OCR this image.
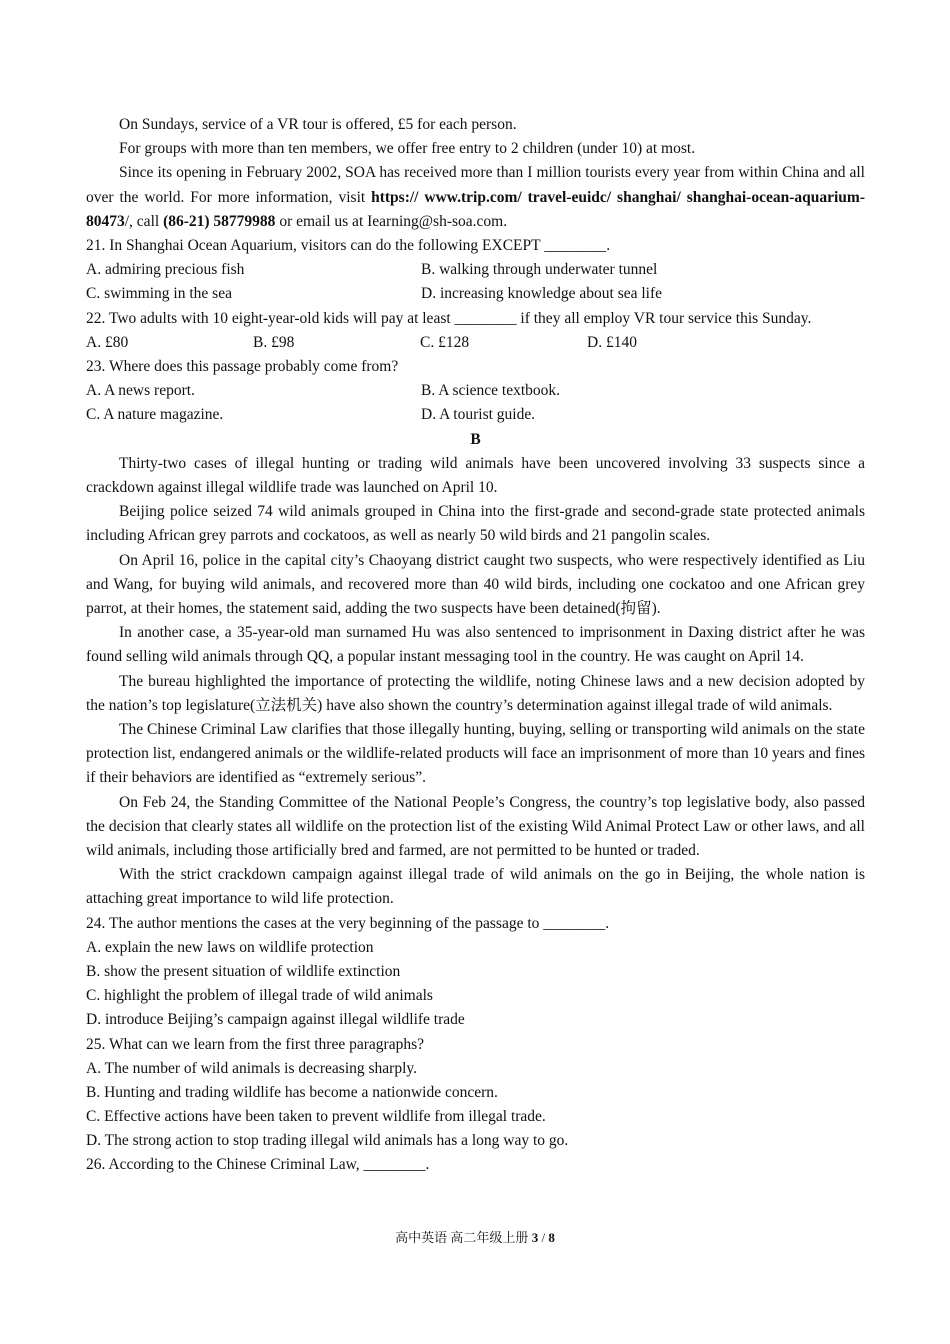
On Sundays, service of a VR tour is offered, £5 for each person.

For groups with more than ten members, we offer free entry to 2 children (under 10) at most.

Since its opening in February 2002, SOA has received more than I million tourists every year from within China and all over the world. For more information, visit https:// www.trip.com/ travel-euidc/ shanghai/ shanghai-ocean-aquarium-80473/, call (86-21) 58779988 or email us at Iearning@sh-soa.com.

21. In Shanghai Ocean Aquarium, visitors can do the following EXCEPT ________.
A. admiring precious fish	B. walking through underwater tunnel
C. swimming in the sea	D. increasing knowledge about sea life
22. Two adults with 10 eight-year-old kids will pay at least ________ if they all employ VR tour service this Sunday.
A. £80	B. £98	C. £128	D. £140
23. Where does this passage probably come from?
A. A news report.	B. A science textbook.
C. A nature magazine.	D. A tourist guide.
B

Thirty-two cases of illegal hunting or trading wild animals have been uncovered involving 33 suspects since a crackdown against illegal wildlife trade was launched on April 10.

Beijing police seized 74 wild animals grouped in China into the first-grade and second-grade state protected animals including African grey parrots and cockatoos, as well as nearly 50 wild birds and 21 pangolin scales.

On April 16, police in the capital city’s Chaoyang district caught two suspects, who were respectively identified as Liu and Wang, for buying wild animals, and recovered more than 40 wild birds, including one cockatoo and one African grey parrot, at their homes, the statement said, adding the two suspects have been detained(拘留).

In another case, a 35-year-old man surnamed Hu was also sentenced to imprisonment in Daxing district after he was found selling wild animals through QQ, a popular instant messaging tool in the country. He was caught on April 14.

The bureau highlighted the importance of protecting the wildlife, noting Chinese laws and a new decision adopted by the nation’s top legislature(立法机关) have also shown the country’s determination against illegal trade of wild animals.

The Chinese Criminal Law clarifies that those illegally hunting, buying, selling or transporting wild animals on the state protection list, endangered animals or the wildlife-related products will face an imprisonment of more than 10 years and fines if their behaviors are identified as “extremely serious”.

On Feb 24, the Standing Committee of the National People’s Congress, the country’s top legislative body, also passed the decision that clearly states all wildlife on the protection list of the existing Wild Animal Protect Law or other laws, and all wild animals, including those artificially bred and farmed, are not permitted to be hunted or traded.

With the strict crackdown campaign against illegal trade of wild animals on the go in Beijing, the whole nation is attaching great importance to wild life protection.

24. The author mentions the cases at the very beginning of the passage to ________.
A. explain the new laws on wildlife protection
B. show the present situation of wildlife extinction
C. highlight the problem of illegal trade of wild animals
D. introduce Beijing’s campaign against illegal wildlife trade
25. What can we learn from the first three paragraphs?
A. The number of wild animals is decreasing sharply.
B. Hunting and trading wildlife has become a nationwide concern.
C. Effective actions have been taken to prevent wildlife from illegal trade.
D. The strong action to stop trading illegal wild animals has a long way to go.
26. According to the Chinese Criminal Law, ________.
高中英语 高二年级上册 3 / 8
